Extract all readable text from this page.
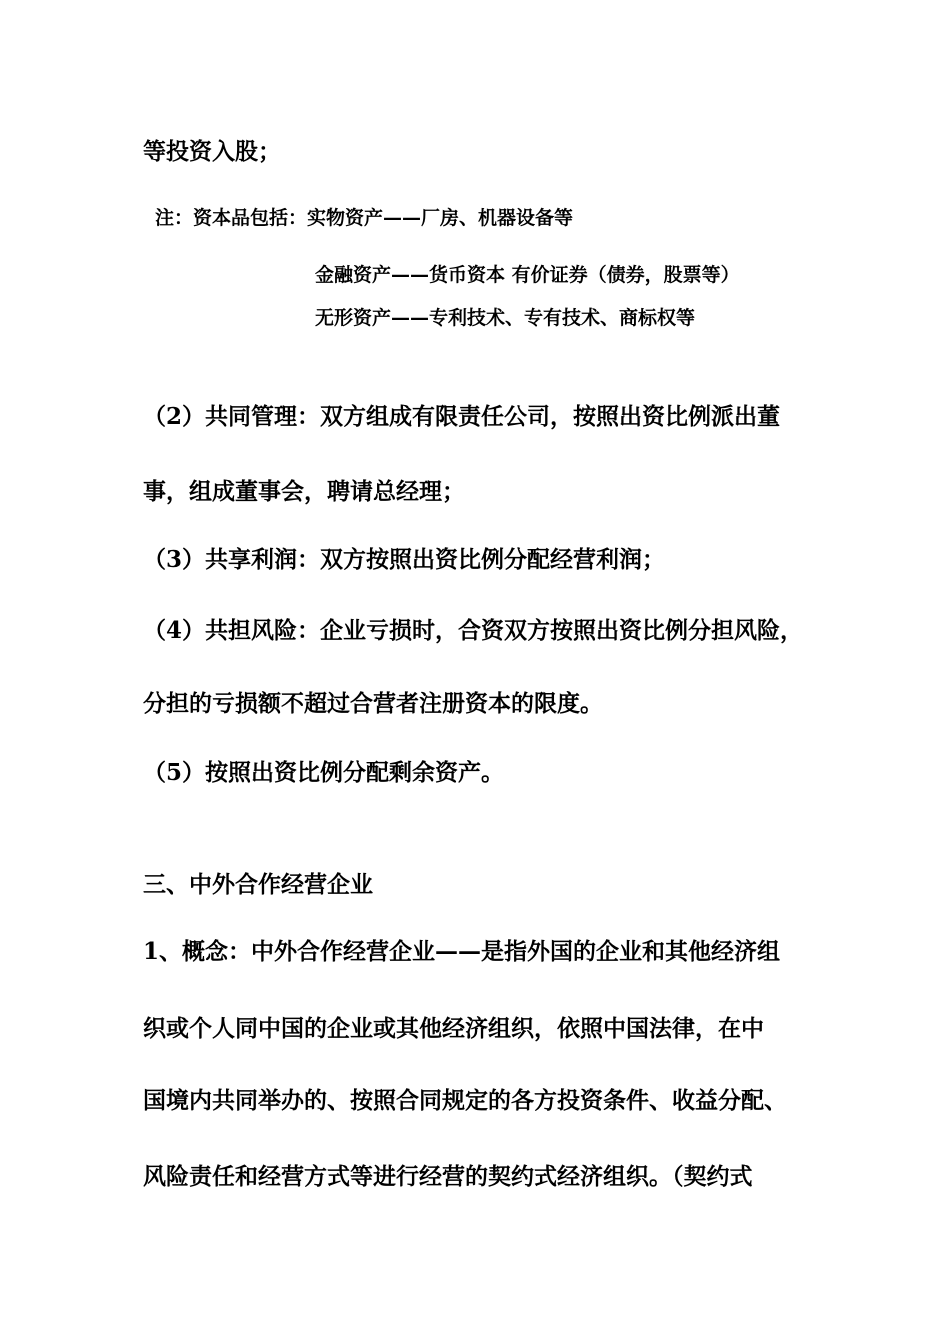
等投资入股；
注：资本品包括：实物资产——厂房、机器设备等
金融资产——货币资本 有价证券（债券，股票等）
无形资产——专利技术、专有技术、商标权等
（2）共同管理：双方组成有限责任公司，按照出资比例派出董
事，组成董事会，聘请总经理；
（3）共享利润：双方按照出资比例分配经营利润；
（4）共担风险：企业亏损时，合资双方按照出资比例分担风险，
分担的亏损额不超过合营者注册资本的限度。
（5）按照出资比例分配剩余资产。
三、中外合作经营企业
1、概念：中外合作经营企业——是指外国的企业和其他经济组
织或个人同中国的企业或其他经济组织，依照中国法律，在中
国境内共同举办的、按照合同规定的各方投资条件、收益分配、
风险责任和经营方式等进行经营的契约式经济组织。（契约式
